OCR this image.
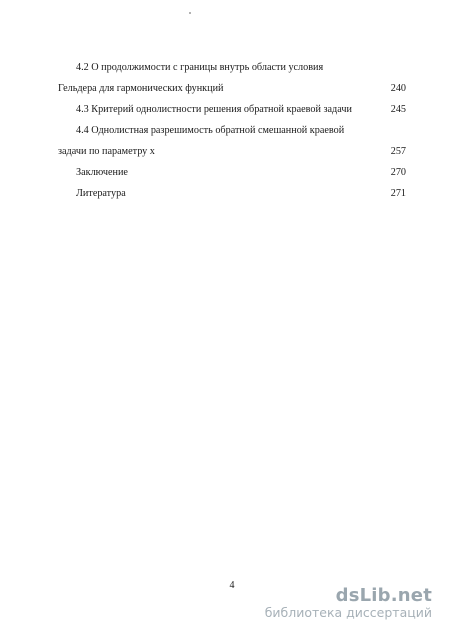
4.2 О продолжимости с границы внутрь области условия
Гельдера для гармонических функций	240
4.3 Критерий однолистности решения обратной краевой задачи	245
4.4 Однолистная разрешимость обратной смешанной краевой
задачи по параметру x	257
Заключение	270
Литература	271
4	dsLib.net
библиотека диссертаций
